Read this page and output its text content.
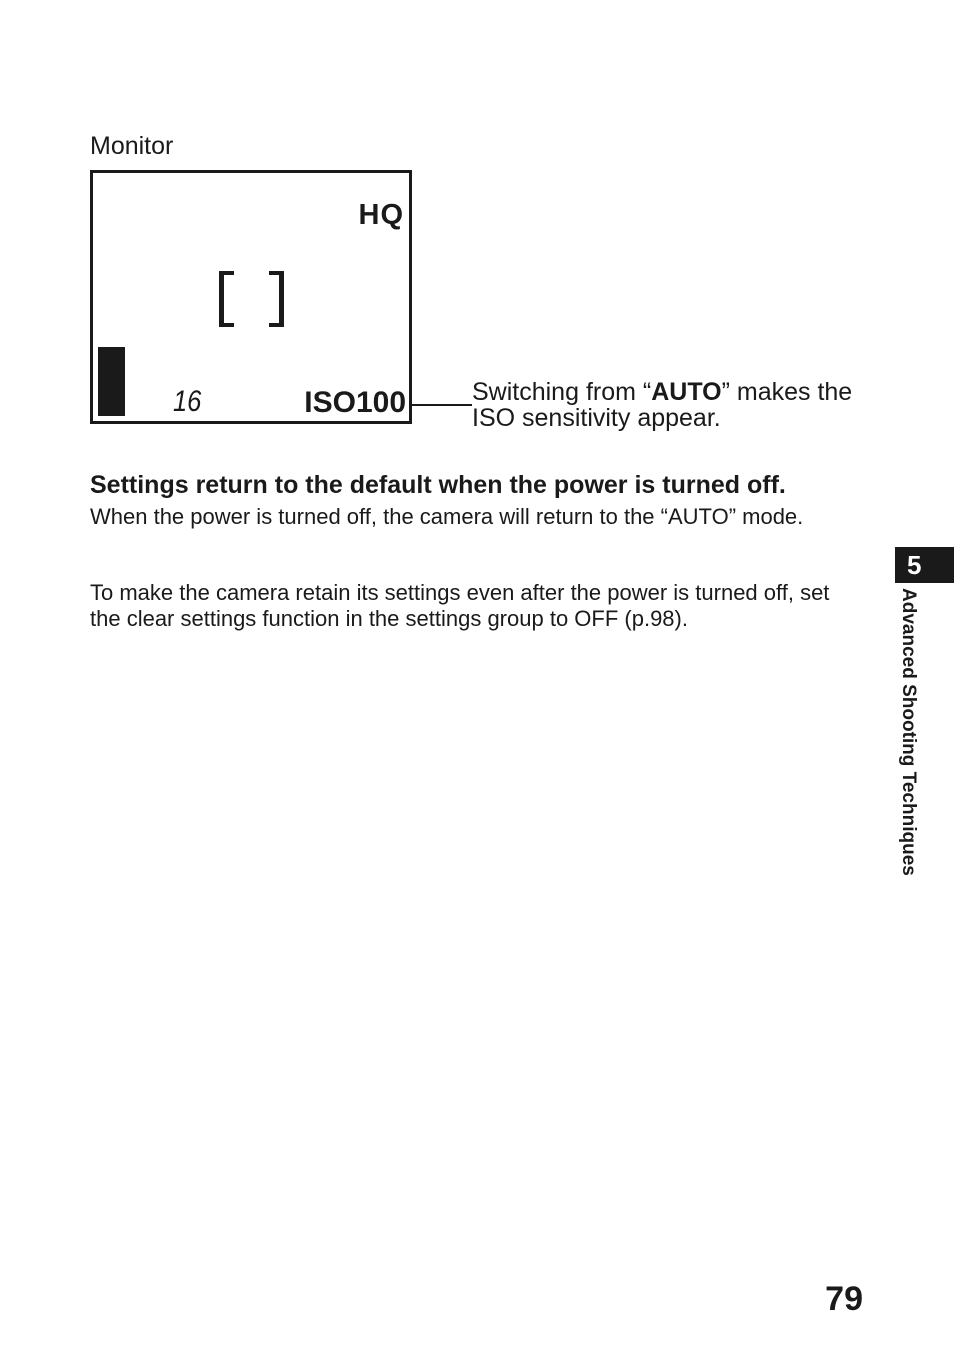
Monitor
HQ
16	ISO100	Switching from “AUTO” makes the ISO sensitivity appear.
Settings return to the default when the power is turned off.
When the power is turned off, the camera will return to the “AUTO” mode.
To make the camera retain its settings even after the power is turned off, set the clear settings function in the settings group to OFF (p.98).
5
Advanced Shooting Techniques
79
